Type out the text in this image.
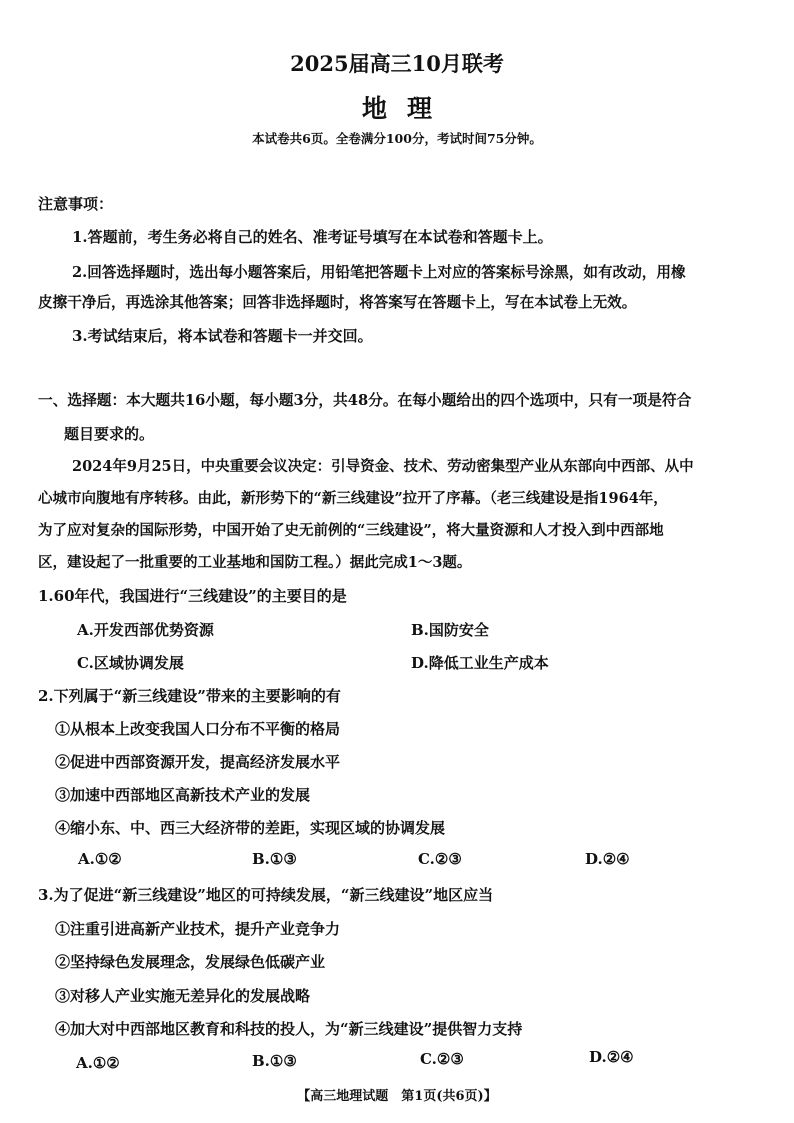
2025届高三10月联考
地理
本试卷共6页。全卷满分100分，考试时间75分钟。
注意事项：
1.答题前，考生务必将自己的姓名、准考证号填写在本试卷和答题卡上。
2.回答选择题时，选出每小题答案后，用铅笔把答题卡上对应的答案标号涂黑，如有改动，用橡
皮擦干净后，再选涂其他答案；回答非选择题时，将答案写在答题卡上，写在本试卷上无效。
3.考试结束后，将本试卷和答题卡一并交回。
一、选择题：本大题共16小题，每小题3分，共48分。在每小题给出的四个选项中，只有一项是符合
题目要求的。
2024年9月25日，中央重要会议决定：引导资金、技术、劳动密集型产业从东部向中西部、从中
心城市向腹地有序转移。由此，新形势下的“新三线建设”拉开了序幕。（老三线建设是指1964年，
为了应对复杂的国际形势，中国开始了史无前例的“三线建设”，将大量资源和人才投入到中西部地
区，建设起了一批重要的工业基地和国防工程。）据此完成1～3题。
1.60年代，我国进行“三线建设”的主要目的是
A.开发西部优势资源	B.国防安全
C.区域协调发展	D.降低工业生产成本
2.下列属于“新三线建设”带来的主要影响的有
①从根本上改变我国人口分布不平衡的格局
②促进中西部资源开发，提高经济发展水平
③加速中西部地区高新技术产业的发展
④缩小东、中、西三大经济带的差距，实现区域的协调发展
A.①②	B.①③	C.②③	D.②④
3.为了促进“新三线建设”地区的可持续发展，“新三线建设”地区应当
①注重引进高新产业技术，提升产业竞争力
②坚持绿色发展理念，发展绿色低碳产业
③对移人产业实施无差异化的发展战略
④加大对中西部地区教育和科技的投人，为“新三线建设”提供智力支持
A.①②	B.①③	C.②③	D.②④
【高三地理试题　第1页(共6页)】
